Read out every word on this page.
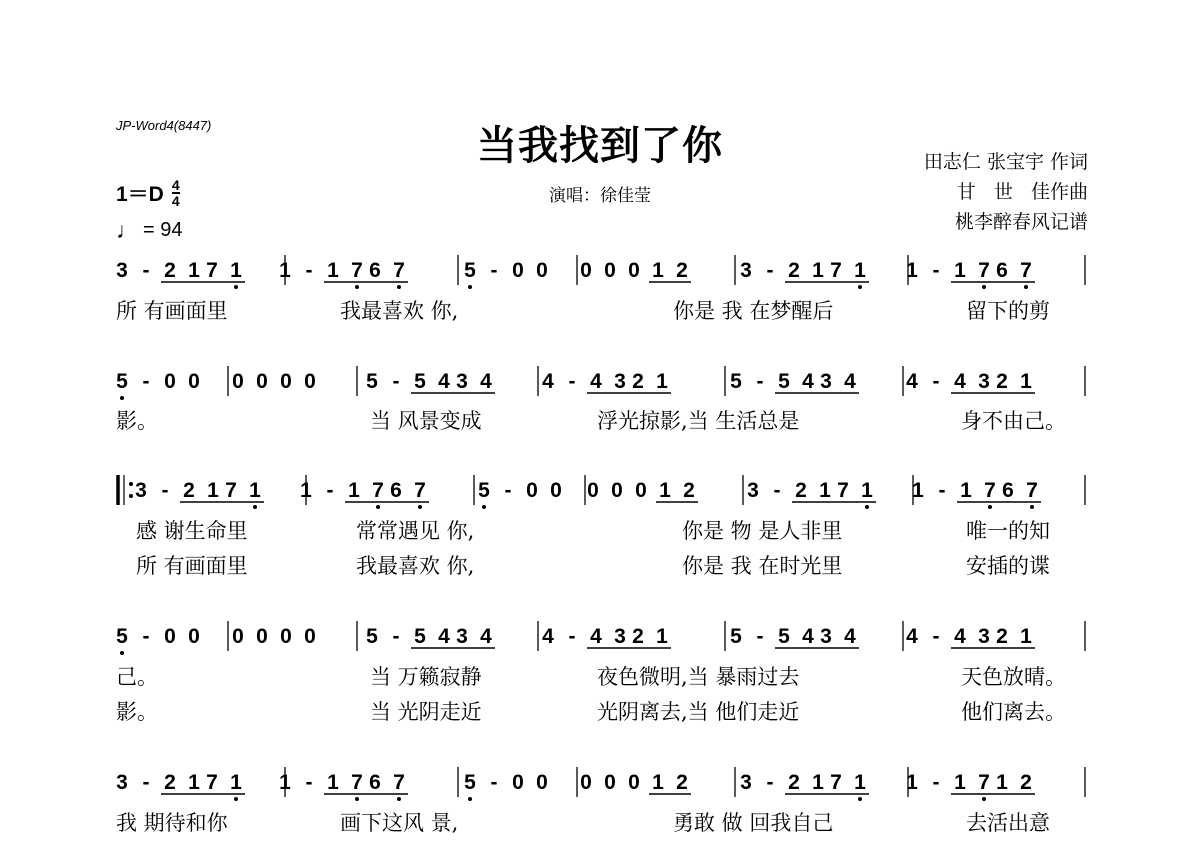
JP-Word4(8447)	当我找到了你
演唱：徐佳莹
田志仁 张宝宇 作词
甘   世   佳作曲
桃李醉春风记谱
1＝D 4
4
♩ = 94
3 - 2 1 7 1 1 - 1 7 6 7	5 - 0 0 0 0 0 1 2 3 - 2 1 7 1 1 - 1 7 6 7
所 有画面里	我最喜欢 你,	你是 我 在梦醒后	留下的剪
5 - 0 0 0 0 0 0 5 - 5 4 3 4 4 - 4 3 2 1	5 - 5 4 3 4 4 - 4 3 2 1
影。	当 风景变成	浮光掠影,当 生活总是	身不由己。
3 - 2 1 7 1 1 - 1 7 6 7 5 - 0 0 0 0 0 1 2 3 - 2 1 7 1 1 - 1 7 6 7
感 谢生命里	常常遇见 你,	你是 物 是人非里	唯一的知
所 有画面里	我最喜欢 你,	你是 我 在时光里	安插的谍
5 - 0 0 0 0 0 0 5 - 5 4 3 4 4 - 4 3 2 1	5 - 5 4 3 4 4 - 4 3 2 1
己。	当 万籁寂静	夜色微明,当 暴雨过去	天色放晴。
影。	当 光阴走近	光阴离去,当 他们走近	他们离去。
3 - 2 1 7 1 1 - 1 7 6 7	5 - 0 0 0 0 0 1 2 3 - 2 1 7 1 1 - 1 7 1 2
我 期待和你	画下这风 景,	勇敢 做 回我自己	去活出意
